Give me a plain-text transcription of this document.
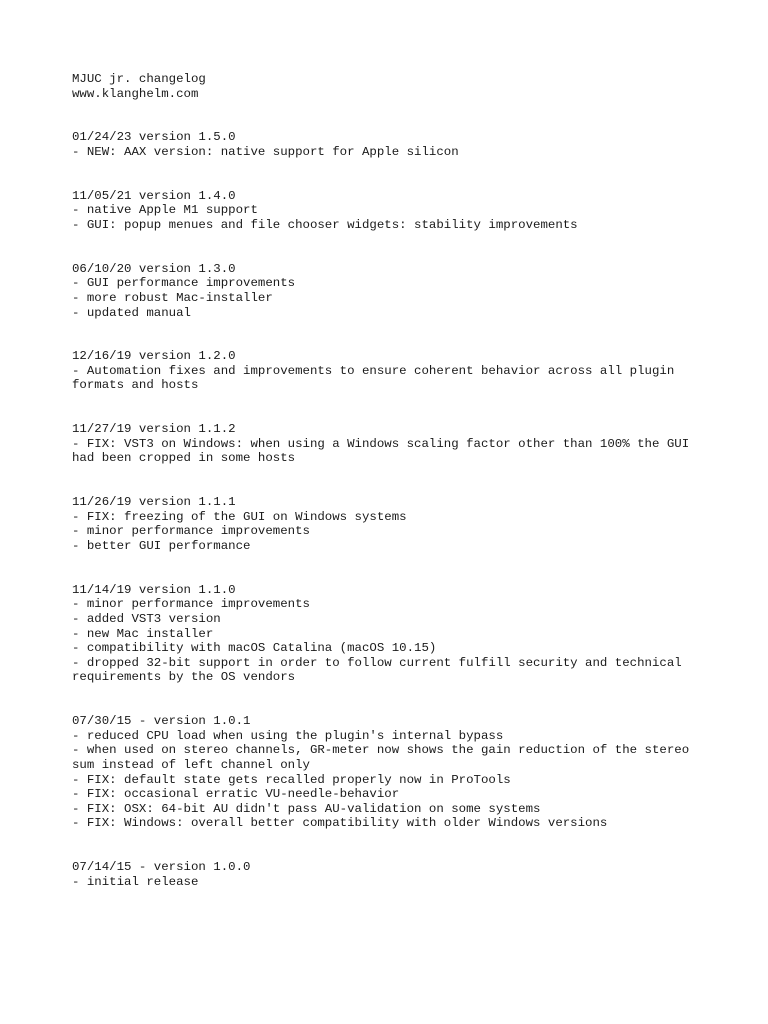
MJUC jr. changelog
www.klanghelm.com
01/24/23 version 1.5.0
- NEW: AAX version: native support for Apple silicon
11/05/21 version 1.4.0
- native Apple M1 support
- GUI: popup menues and file chooser widgets: stability improvements
06/10/20 version 1.3.0
- GUI performance improvements
- more robust Mac-installer
- updated manual
12/16/19 version 1.2.0
- Automation fixes and improvements to ensure coherent behavior across all plugin
formats and hosts
11/27/19 version 1.1.2
- FIX: VST3 on Windows: when using a Windows scaling factor other than 100% the GUI
had been cropped in some hosts
11/26/19 version 1.1.1
- FIX: freezing of the GUI on Windows systems
- minor performance improvements
- better GUI performance
11/14/19 version 1.1.0
- minor performance improvements
- added VST3 version
- new Mac installer
- compatibility with macOS Catalina (macOS 10.15)
- dropped 32-bit support in order to follow current fulfill security and technical
requirements by the OS vendors
07/30/15 - version 1.0.1
- reduced CPU load when using the plugin's internal bypass
- when used on stereo channels, GR-meter now shows the gain reduction of the stereo
sum instead of left channel only
- FIX: default state gets recalled properly now in ProTools
- FIX: occasional erratic VU-needle-behavior
- FIX: OSX: 64-bit AU didn't pass AU-validation on some systems
- FIX: Windows: overall better compatibility with older Windows versions
07/14/15 - version 1.0.0
- initial release
